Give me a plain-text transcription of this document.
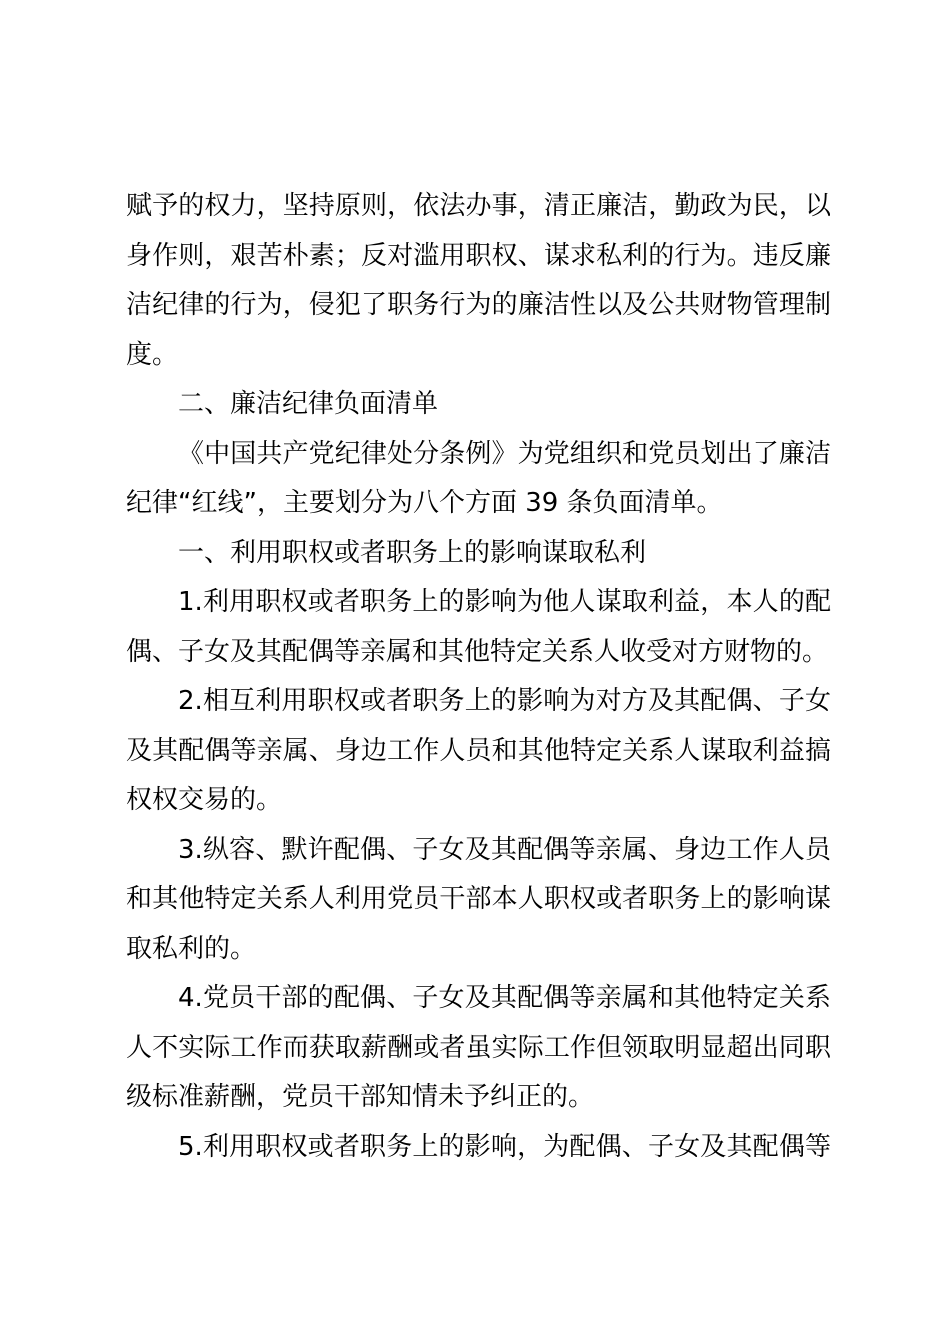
赋予的权力，坚持原则，依法办事，清正廉洁，勤政为民，以
身作则，艰苦朴素；反对滥用职权、谋求私利的行为。违反廉
洁纪律的行为，侵犯了职务行为的廉洁性以及公共财物管理制
度。
二、廉洁纪律负面清单
《中国共产党纪律处分条例》为党组织和党员划出了廉洁
纪律“红线”，主要划分为八个方面 39 条负面清单。
一、利用职权或者职务上的影响谋取私利
1.利用职权或者职务上的影响为他人谋取利益，本人的配
偶、子女及其配偶等亲属和其他特定关系人收受对方财物的。
2.相互利用职权或者职务上的影响为对方及其配偶、子女
及其配偶等亲属、身边工作人员和其他特定关系人谋取利益搞
权权交易的。
3.纵容、默许配偶、子女及其配偶等亲属、身边工作人员
和其他特定关系人利用党员干部本人职权或者职务上的影响谋
取私利的。
4.党员干部的配偶、子女及其配偶等亲属和其他特定关系
人不实际工作而获取薪酬或者虽实际工作但领取明显超出同职
级标准薪酬，党员干部知情未予纠正的。
5.利用职权或者职务上的影响，为配偶、子女及其配偶等
